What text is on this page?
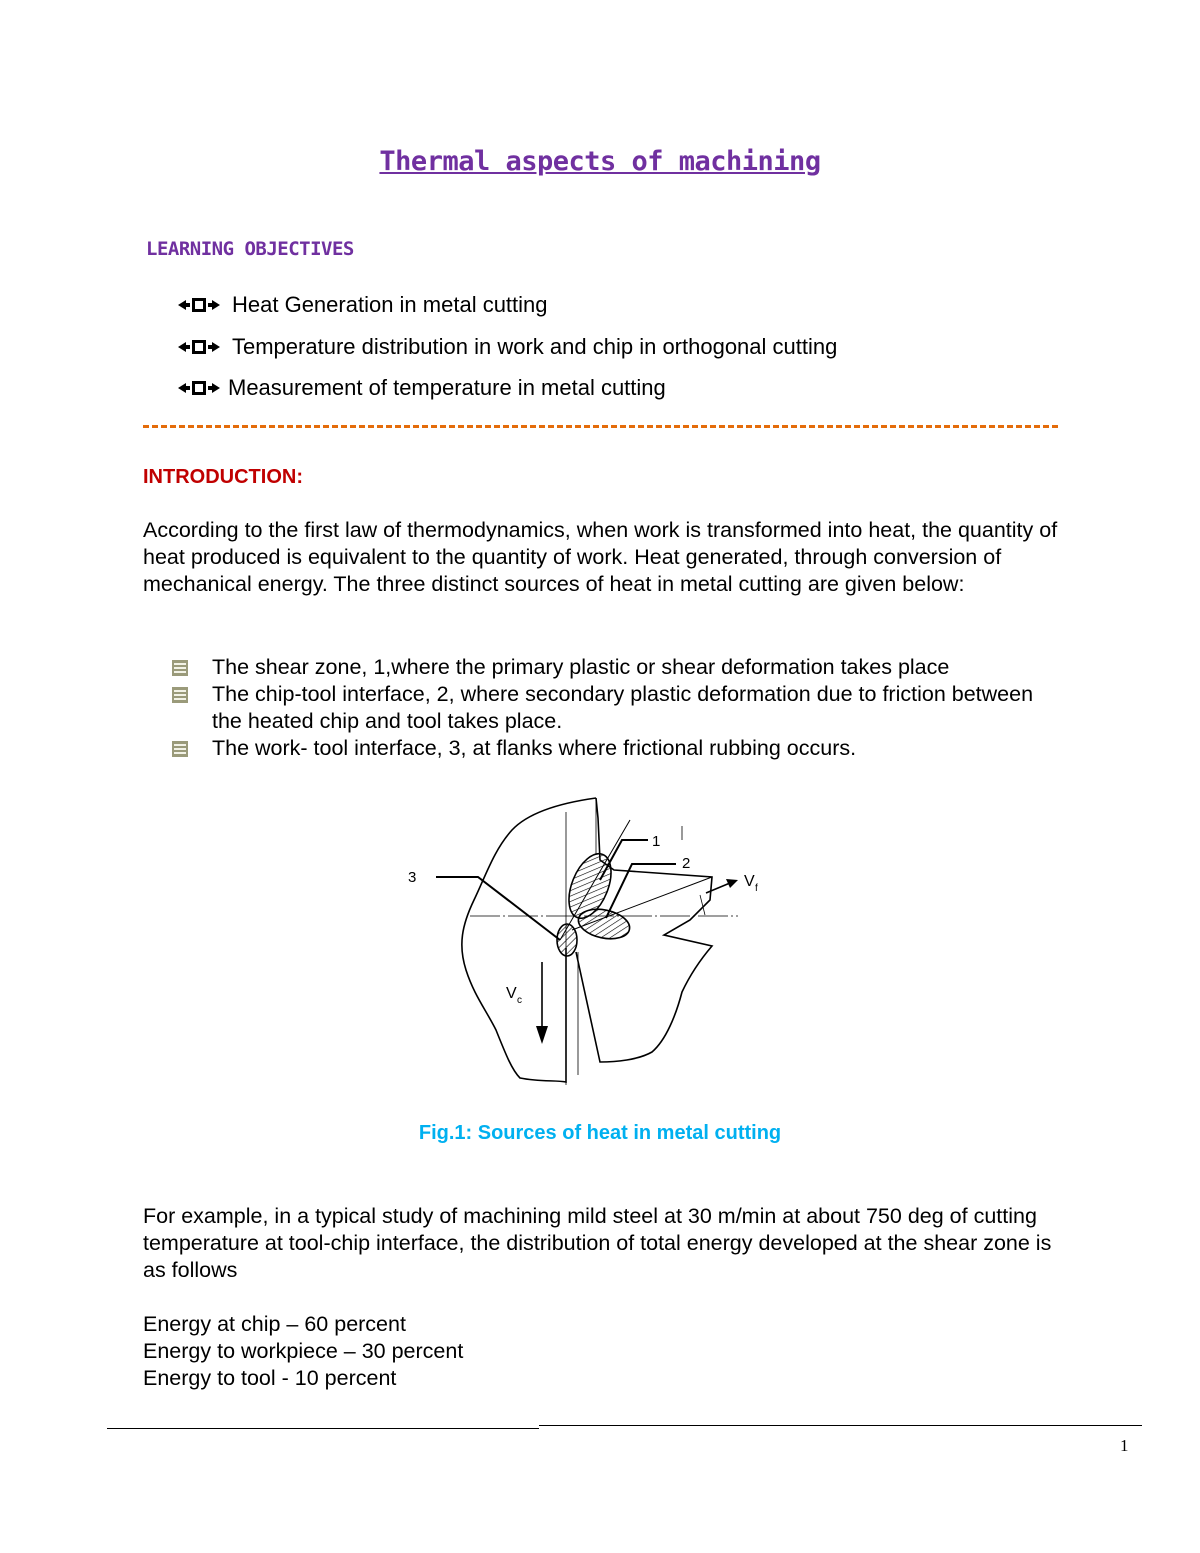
Thermal aspects of machining
LEARNING OBJECTIVES
Heat Generation in metal cutting
Temperature distribution in work and chip in orthogonal cutting
Measurement of temperature in metal cutting
INTRODUCTION:
According to the first law of thermodynamics, when work is transformed into heat, the quantity of heat produced is equivalent to the quantity of work. Heat generated, through conversion of mechanical energy. The three distinct sources of heat in metal cutting are given below:
The shear zone, 1,where the primary plastic or shear deformation takes place
The chip-tool interface, 2, where secondary plastic deformation due to friction between the heated chip and tool takes place.
The work- tool interface, 3, at flanks where frictional rubbing occurs.
3
1
2
V f
V c
Fig.1: Sources of heat in metal cutting
For example, in a typical study of machining mild steel at 30 m/min at about 750 deg of cutting temperature at tool-chip interface, the distribution of total energy developed at the shear zone is as follows
Energy at chip – 60 percent
Energy to workpiece – 30 percent
Energy to tool - 10 percent
1
